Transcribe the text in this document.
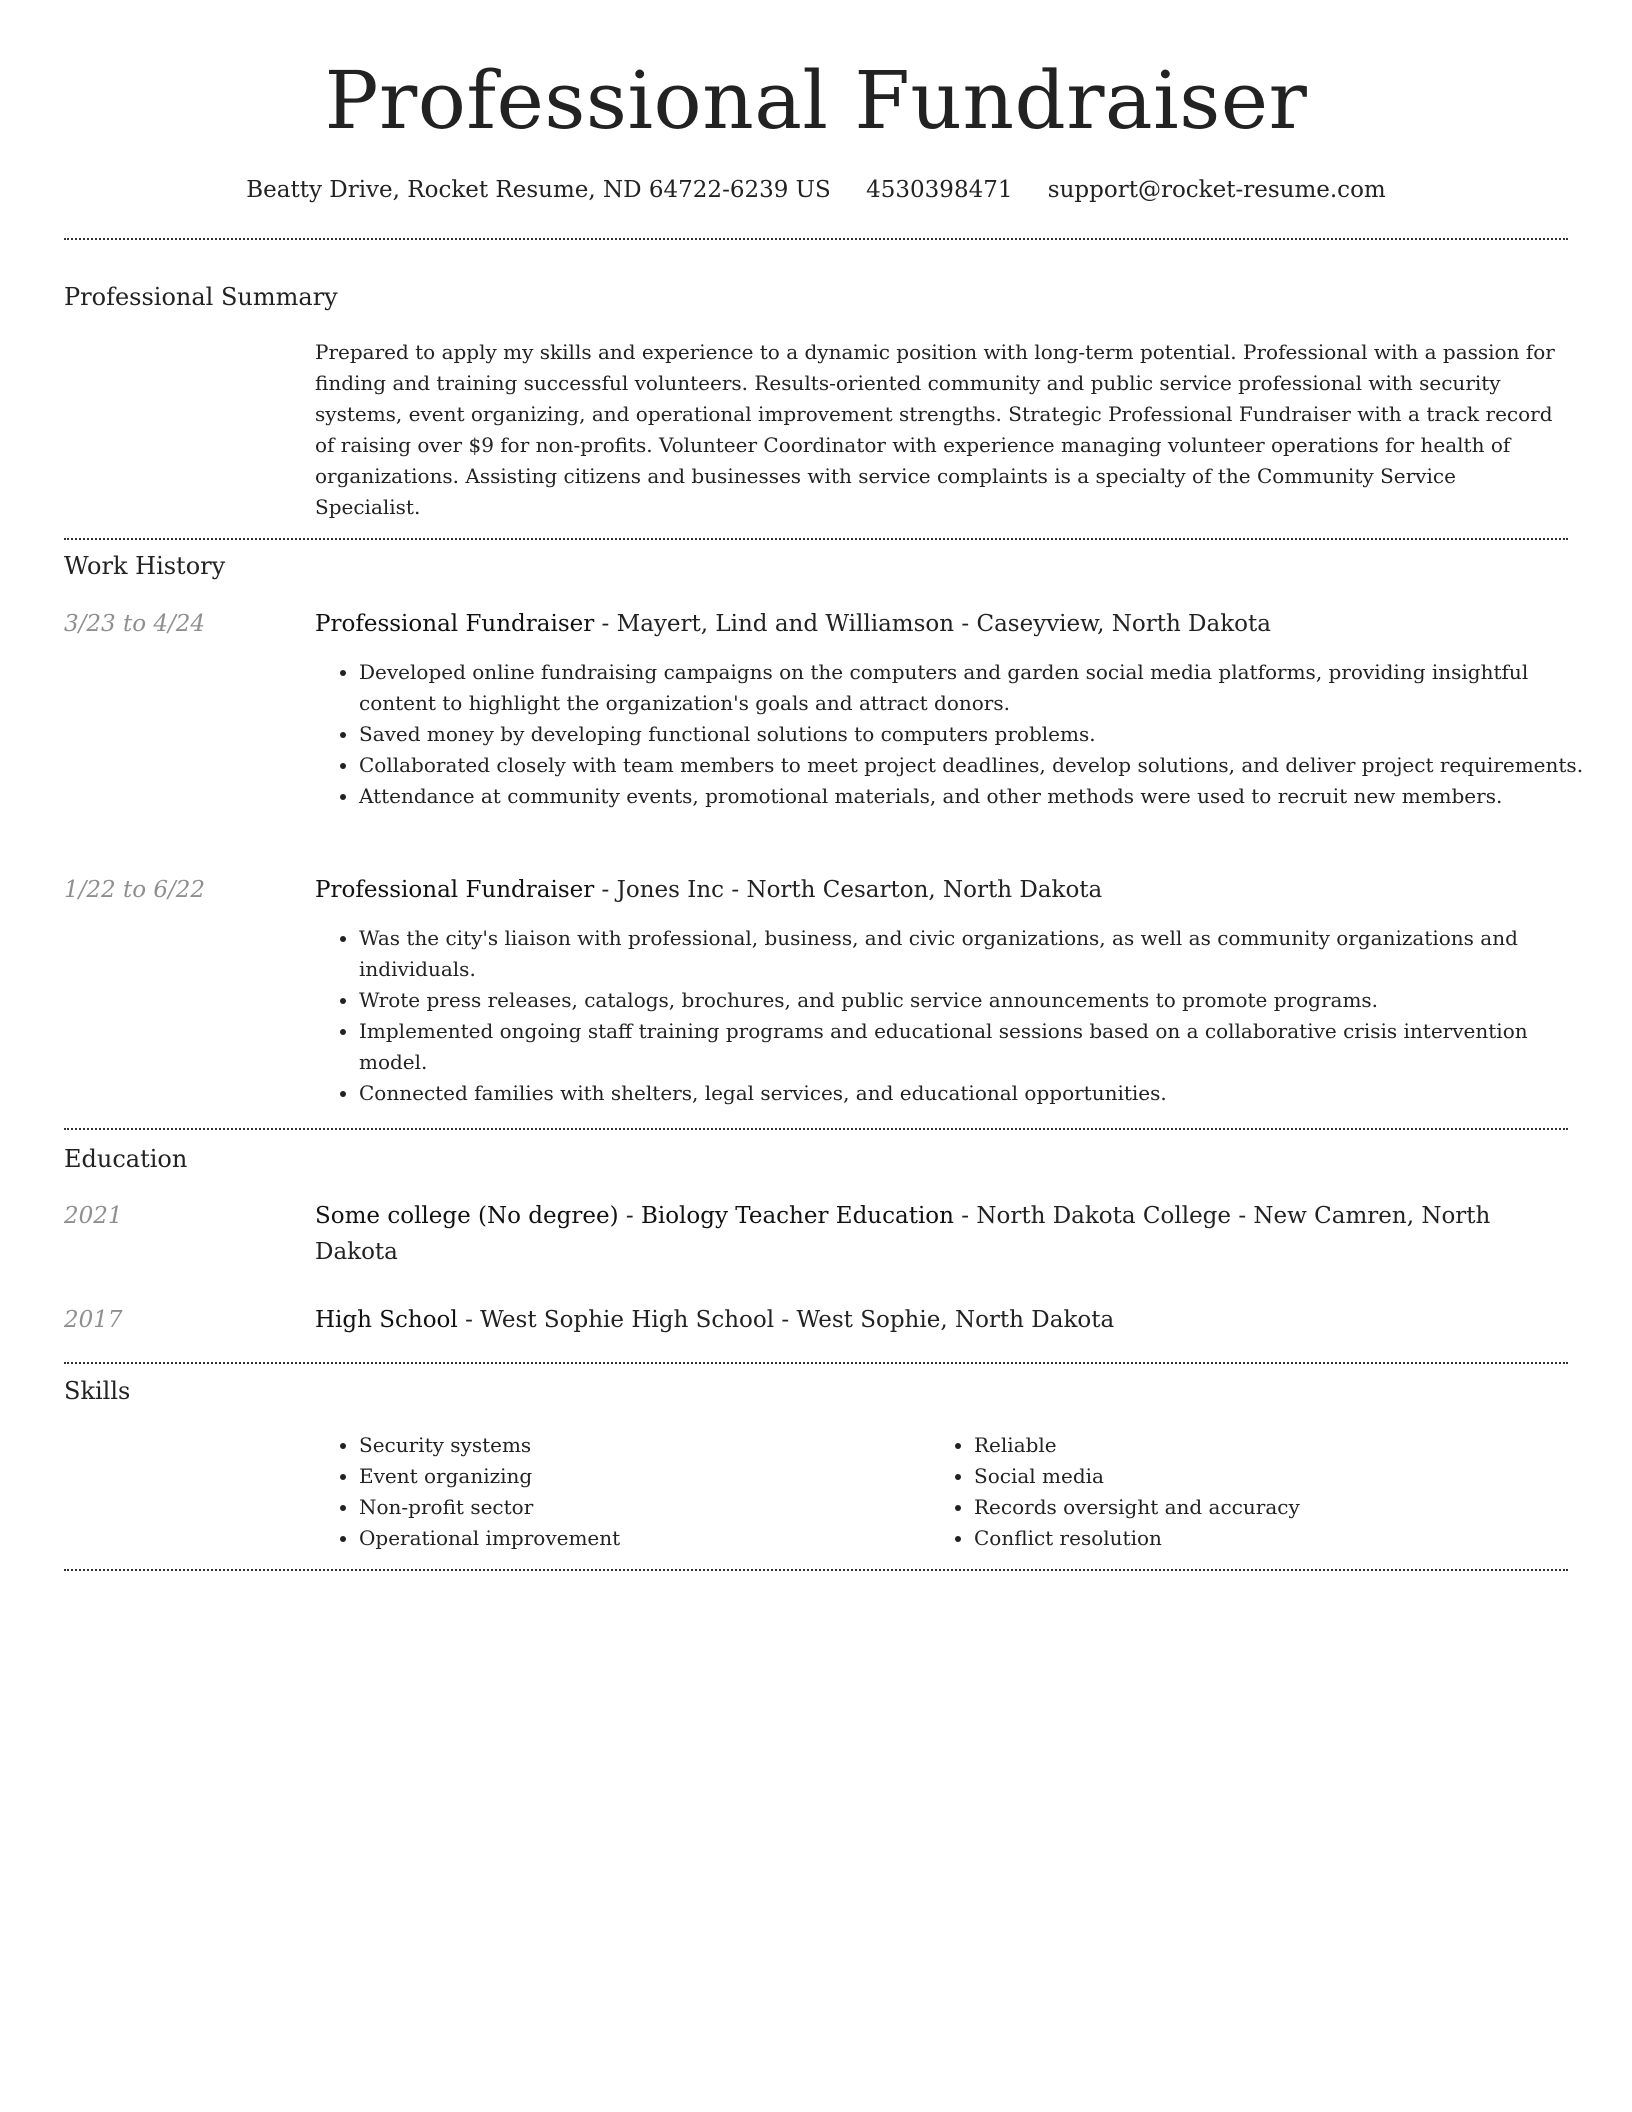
Professional Fundraiser
Beatty Drive, Rocket Resume, ND 64722-6239 US 4530398471 support@rocket-resume.com
Professional Summary

Prepared to apply my skills and experience to a dynamic position with long-term potential. Professional with a passion for finding and training successful volunteers. Results-oriented community and public service professional with security systems, event organizing, and operational improvement strengths. Strategic Professional Fundraiser with a track record of raising over $9 for non-profits. Volunteer Coordinator with experience managing volunteer operations for health of organizations. Assisting citizens and businesses with service complaints is a specialty of the Community Service Specialist.

Work History
3/23 to 4/24	Professional Fundraiser - Mayert, Lind and Williamson - Caseyview, North Dakota
• Developed online fundraising campaigns on the computers and garden social media platforms, providing insightful content to highlight the organization's goals and attract donors.
• Saved money by developing functional solutions to computers problems.
• Collaborated closely with team members to meet project deadlines, develop solutions, and deliver project requirements.
• Attendance at community events, promotional materials, and other methods were used to recruit new members.
1/22 to 6/22	Professional Fundraiser - Jones Inc - North Cesarton, North Dakota
• Was the city's liaison with professional, business, and civic organizations, as well as community organizations and individuals.
• Wrote press releases, catalogs, brochures, and public service announcements to promote programs.
• Implemented ongoing staff training programs and educational sessions based on a collaborative crisis intervention model.
• Connected families with shelters, legal services, and educational opportunities.
Education
2021	Some college (No degree) - Biology Teacher Education - North Dakota College - New Camren, North Dakota
2017	High School - West Sophie High School - West Sophie, North Dakota
Skills
• Security systems
• Event organizing
• Non-profit sector
• Operational improvement
• Reliable
• Social media
• Records oversight and accuracy
• Conflict resolution
